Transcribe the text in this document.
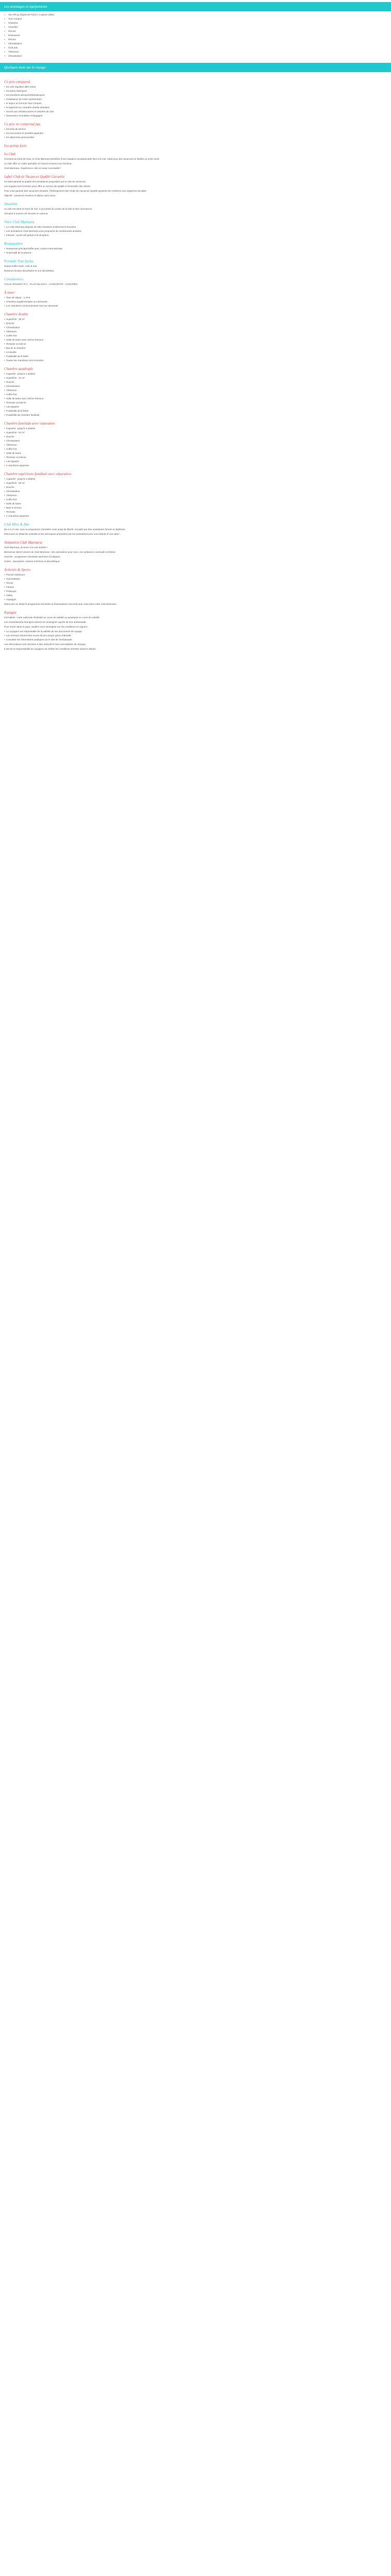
Les avantages et équipements
• Vol A/R au départ de Paris (+4 autres villes)
• Tout compris
• Chambre
• Transfert
• Piscine
• Restaurant
• Piscine
• Climatisation
• Club ado
• Télévision
• Climatisation
Quelques mots sur le voyage
Ce prix comprend
• les vols réguliers aller-retour
• les taxes d'aéroport
• les transferts aéroport/hôtel/aéroport
• l'assistance de notre représentant
• le séjour en formule Tout Compris
• le logement en chambre double standard
• l'accès aux infrastructures et activités du club
• l'assurance Annulation et Bagages
Ce prix ne comprend pas
• les frais de service
• les excursions et activités payantes
• les dépenses personnelles
Les points forts
Le Club

Construit au bord de l'eau, le Club Marmara bénéficie d'une situation exceptionnelle face à la mer. Idéal pour des vacances en famille ou entre amis.

Le club offre un cadre agréable où chacun trouvera son bonheur.

Club Marmara, l'expérience club en toute convivialité !

Label Club de Vacances Qualité Garantie

Ce label garantit la qualité des prestations proposées par le club de vacances.

Les équipes sont formées pour offrir un service de qualité à l'ensemble des clients.

Pour vous garantir des vacances réussies, l'hébergement des Clubs de vacances Qualité garantie est conforme aux exigences du label.

Objectif : vacances réussies et séjour sans souci.

Situation

Le club est situé en bord de mer, à proximité du centre de la ville et des commerces.

Aéroport à environ 20 minutes en autocar.

Votre Club Marmara
• Le Club Marmara dispose de 250 chambres entièrement rénovées.
• Les animateurs Club Marmara vous proposent de nombreuses activités.
• Internet : accès wifi gratuit à la réception.
Restauration
• Restaurant principal buffet avec cuisine internationale.
• Snack-grill de la piscine.
Formule Tout Inclus

Repas buffet matin, midi et soir.

Boissons locales alcoolisées et non alcoolisées.

Coordonnées

CALLE HIGUERA N°2 - PLAYA BLANCA - LANZAROTE - CANARIES

À noter
• Taxe de séjour : 1,75 €
• Chambre supplémentaire sur demande.
• Les chambres communicantes sont sur demande.
Chambre double
• Superficie : 30 m²
• Douche
• Climatisation
• Télévision
• Coffre-fort
• Salle de bains avec sèche-cheveux
• Terrasse ou balcon
• Bar de la chambre
• Lit double
• Possibilité de lit bébé
• Toutes les chambres sont rénovées
Chambre quadruple
• Capacité : jusqu'à 4 adultes
• Superficie : 31 m²
• Douche
• Climatisation
• Télévision
• Coffre-fort
• Salle de bains avec sèche-cheveux
• Terrasse ou balcon
• Lits séparés
• Possibilité de lit bébé
• Possibilité de chambre familiale
Chambre familiale avec séparation
• Capacité : jusqu'à 4 adultes
• Superficie : 51 m²
• Douche
• Climatisation
• Télévision
• Coffre-fort
• Salle de bains
• Terrasse ou balcon
• Lits séparés
• 2 chambres séparées
Chambre supérieure familiale avec séparation
• Capacité : jusqu'à 4 adultes
• Superficie : 60 m²
• Douche
• Climatisation
• Télévision
• Coffre-fort
• Salle de bains
• Bain à remous
• Terrasse
• 2 chambres séparées
Club Mini & Ado

De 4 à 17 ans, tout un programme d'activités mais aussi de liberté, encadré par des animateurs formés et diplômés.

Retrouvez en détail les activités et les animations proposées par les animateurs pour vos enfants et vos ados !

Animation Club Marmara

Club Marmara, du lever à la nuit tombée !

Bienvenue dans l'univers du Club Marmara : des animations pour tous, une ambiance conviviale et festive.

Journée : programme d'activités sportives et ludiques.

Soirée : spectacles, soirées à thèmes et discothèque.

Activités & Sports
• Piscine extérieure
• Gymnastique
• Tennis
• Fitness
• Pétanque
• Volley
• Aquagym

Retrouvez en détail le programme d'activités et d'animations concocté pour vous dans votre Club Marmara.

Espagne

Formalités : carte nationale d'identité en cours de validité ou passeport en cours de validité.

Les ressortissants étrangers doivent se renseigner auprès de leur ambassade.

Pour entrer dans le pays, veuillez vous renseigner sur les conditions en vigueur.

• Le voyageur est responsable de la validité de ses documents de voyage.
• Les mineurs doivent être munis de leur propre pièce d'identité.
• Consulter les informations pratiques sur le site de l'ambassade.

Les informations sont données à titre indicatif et sont susceptibles de changer.

Il est de la responsabilité du voyageur de vérifier les conditions d'entrée avant le départ.
